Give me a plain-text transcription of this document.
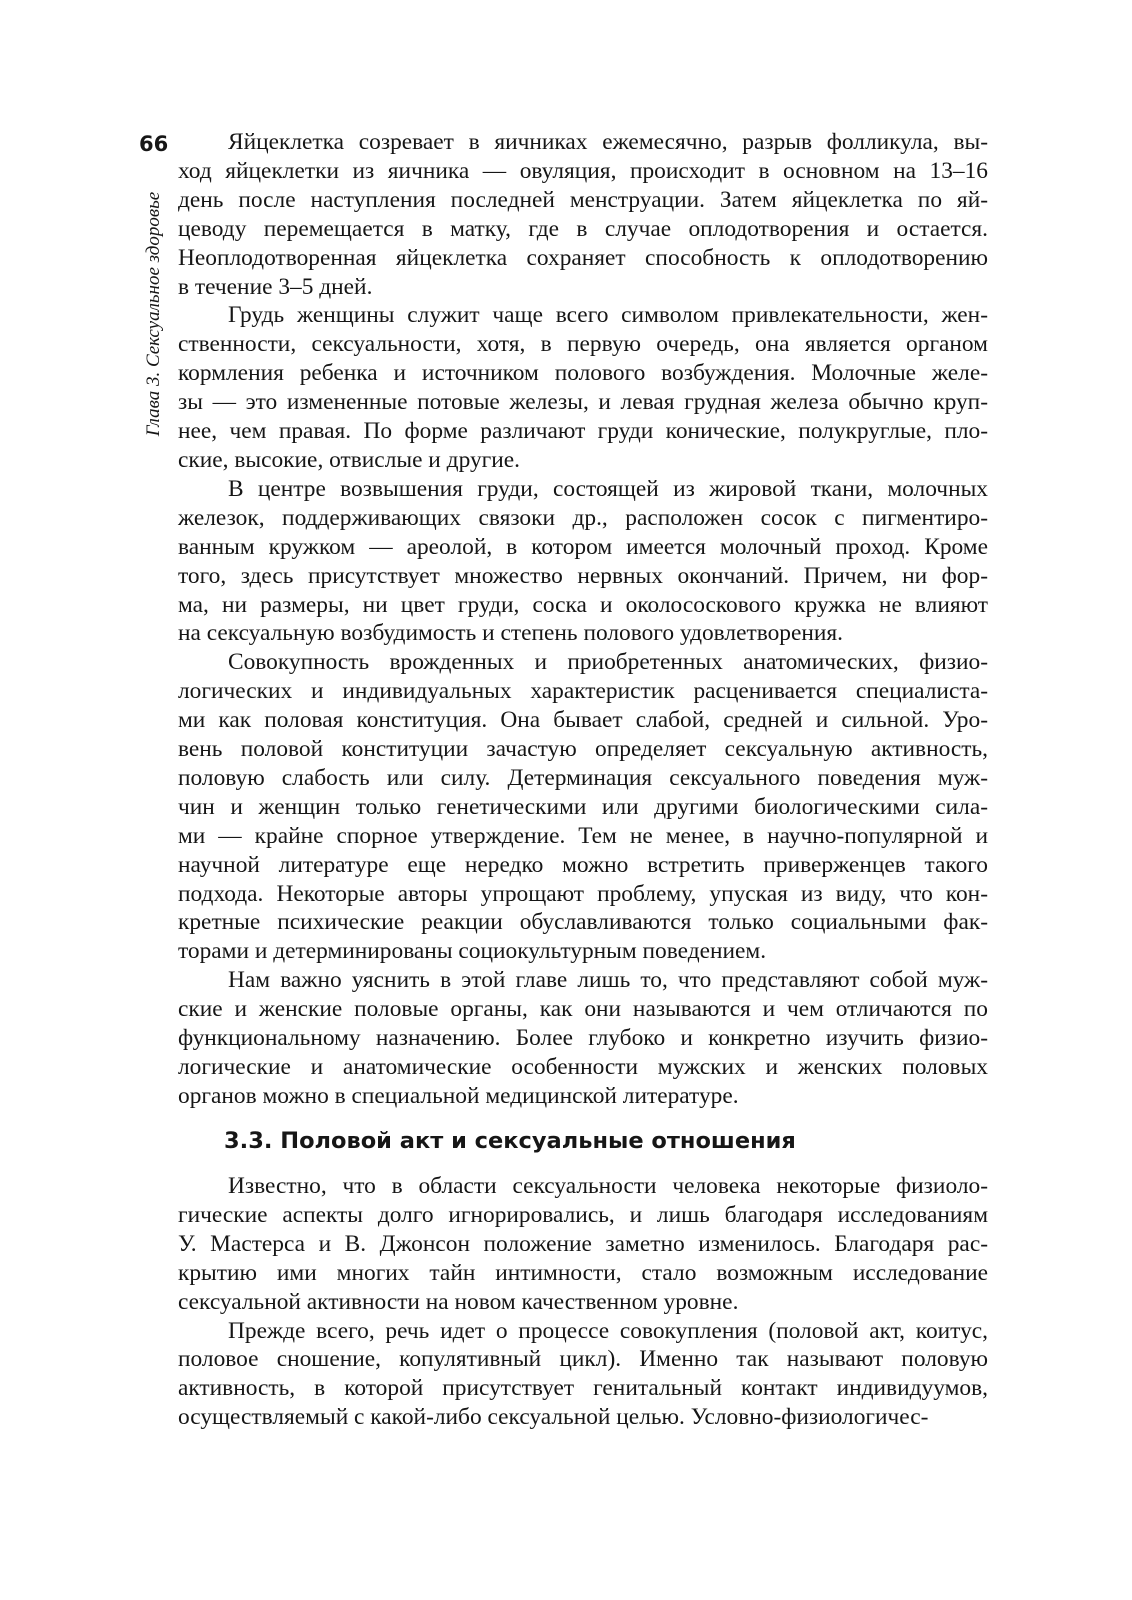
66
Глава 3. Сексуальное здоровье

Яйцеклетка созревает в яичниках ежемесячно, разрыв фолликула, вы-
ход яйцеклетки из яичника — овуляция, происходит в основном на 13–16
день после наступления последней менструации. Затем яйцеклетка по яй-
цеводу перемещается в матку, где в случае оплодотворения и остается.
Неоплодотворенная яйцеклетка сохраняет способность к оплодотворению
в течение 3–5 дней.

Грудь женщины служит чаще всего символом привлекательности, жен-
ственности, сексуальности, хотя, в первую очередь, она является органом
кормления ребенка и источником полового возбуждения. Молочные желе-
зы — это измененные потовые железы, и левая грудная железа обычно круп-
нее, чем правая. По форме различают груди конические, полукруглые, пло-
ские, высокие, отвислые и другие.

В центре возвышения груди, состоящей из жировой ткани, молочных
железок, поддерживающих связоки др., расположен сосок с пигментиро-
ванным кружком — ареолой, в котором имеется молочный проход. Кроме
того, здесь присутствует множество нервных окончаний. Причем, ни фор-
ма, ни размеры, ни цвет груди, соска и околососкового кружка не влияют
на сексуальную возбудимость и степень полового удовлетворения.

Совокупность врожденных и приобретенных анатомических, физио-
логических и индивидуальных характеристик расценивается специалиста-
ми как половая конституция. Она бывает слабой, средней и сильной. Уро-
вень половой конституции зачастую определяет сексуальную активность,
половую слабость или силу. Детерминация сексуального поведения муж-
чин и женщин только генетическими или другими биологическими сила-
ми — крайне спорное утверждение. Тем не менее, в научно-популярной и
научной литературе еще нередко можно встретить приверженцев такого
подхода. Некоторые авторы упрощают проблему, упуская из виду, что кон-
кретные психические реакции обуславливаются только социальными фак-
торами и детерминированы социокультурным поведением.

Нам важно уяснить в этой главе лишь то, что представляют собой муж-
ские и женские половые органы, как они называются и чем отличаются по
функциональному назначению. Более глубоко и конкретно изучить физио-
логические и анатомические особенности мужских и женских половых
органов можно в специальной медицинской литературе.

3.3. Половой акт и сексуальные отношения

Известно, что в области сексуальности человека некоторые физиоло-
гические аспекты долго игнорировались, и лишь благодаря исследованиям
У. Мастерса и В. Джонсон положение заметно изменилось. Благодаря рас-
крытию ими многих тайн интимности, стало возможным исследование
сексуальной активности на новом качественном уровне.

Прежде всего, речь идет о процессе совокупления (половой акт, коитус,
половое сношение, копулятивный цикл). Именно так называют половую
активность, в которой присутствует генитальный контакт индивидуумов,
осуществляемый с какой-либо сексуальной целью. Условно-физиологичес-
